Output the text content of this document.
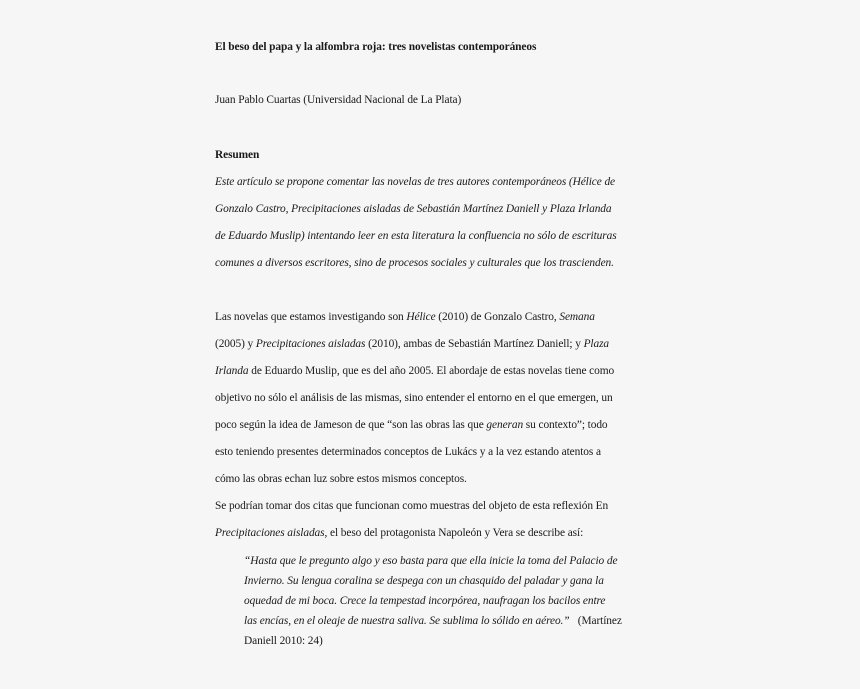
El beso del papa y la alfombra roja: tres novelistas contemporáneos
Juan Pablo Cuartas (Universidad Nacional de La Plata)
Resumen
Este artículo se propone comentar las novelas de tres autores contemporáneos (Hélice de
Gonzalo Castro, Precipitaciones aisladas de Sebastián Martínez Daniell y Plaza Irlanda
de Eduardo Muslip) intentando leer en esta literatura la confluencia no sólo de escrituras
comunes a diversos escritores, sino de procesos sociales y culturales que los trascienden.
Las novelas que estamos investigando son Hélice (2010) de Gonzalo Castro, Semana
(2005) y Precipitaciones aisladas (2010), ambas de Sebastián Martínez Daniell; y Plaza
Irlanda de Eduardo Muslip, que es del año 2005. El abordaje de estas novelas tiene como
objetivo no sólo el análisis de las mismas, sino entender el entorno en el que emergen, un
poco según la idea de Jameson de que “son las obras las que generan su contexto”; todo
esto teniendo presentes determinados conceptos de Lukács y a la vez estando atentos a
cómo las obras echan luz sobre estos mismos conceptos.
Se podrían tomar dos citas que funcionan como muestras del objeto de esta reflexión En
Precipitaciones aisladas, el beso del protagonista Napoleón y Vera se describe así:
“Hasta que le pregunto algo y eso basta para que ella inicie la toma del Palacio de
Invierno. Su lengua coralina se despega con un chasquido del paladar y gana la
oquedad de mi boca. Crece la tempestad incorpórea, naufragan los bacilos entre
las encías, en el oleaje de nuestra saliva. Se sublima lo sólido en aéreo.”   (Martínez
Daniell 2010: 24)
